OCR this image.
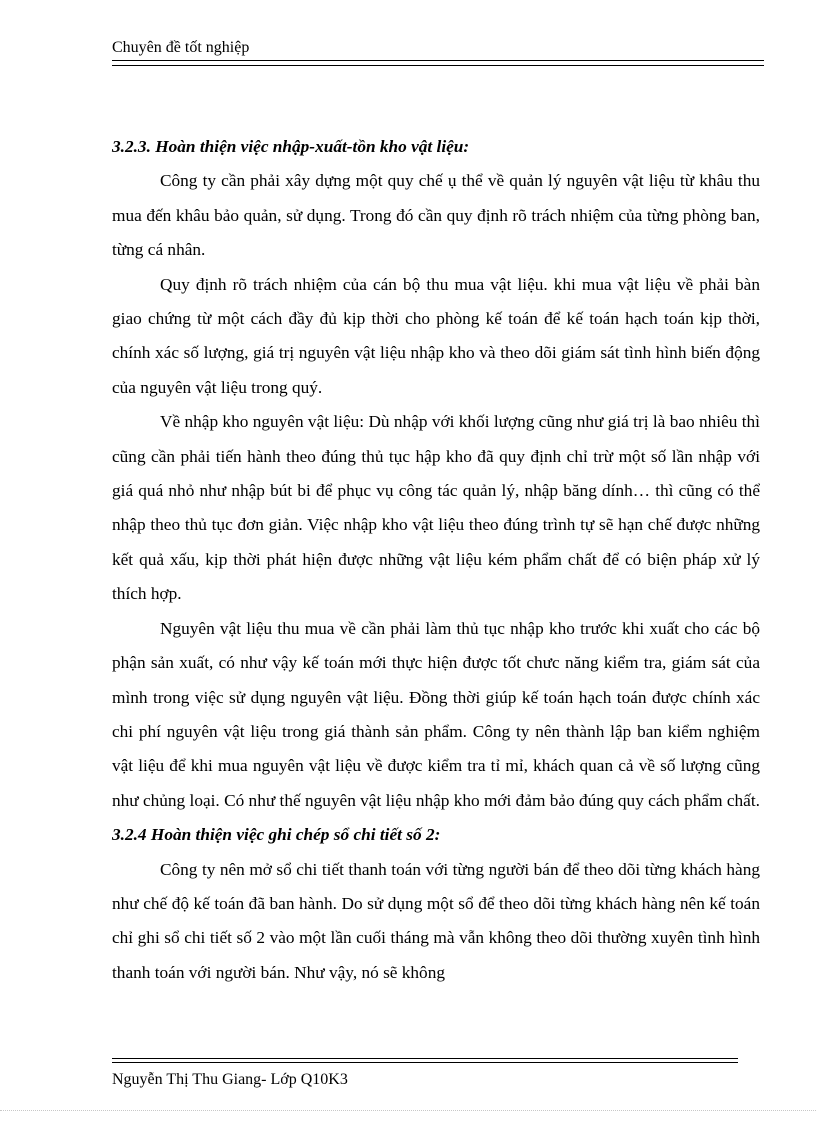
Chuyên đề tốt nghiệp
3.2.3. Hoàn thiện việc nhập-xuất-tồn kho vật liệu:

Công ty cần phải xây dựng một quy chế ụ thể về quản lý nguyên vật liệu từ khâu thu mua đến khâu bảo quản, sử dụng. Trong đó cần quy định rõ trách nhiệm của từng phòng ban, từng cá nhân.

Quy định rõ trách nhiệm của cán bộ thu mua vật liệu. khi mua vật liệu về phải bàn giao chứng từ một cách đầy đủ kịp thời cho phòng kế toán để kế toán hạch toán kịp thời, chính xác số lượng, giá trị nguyên vật liệu nhập kho và theo dõi giám sát tình hình biến động của nguyên vật liệu trong quý.

Về nhập kho nguyên vật liệu: Dù nhập với khối lượng cũng như giá trị là bao nhiêu thì cũng cần phải tiến hành theo đúng thủ tục hập kho đã quy định chỉ trừ một số lần nhập với giá quá nhỏ như nhập bút bi để phục vụ công tác quản lý, nhập băng dính… thì cũng có thể nhập theo thủ tục đơn giản. Việc nhập kho vật liệu theo đúng trình tự sẽ hạn chế được những kết quả xấu, kịp thời phát hiện được những vật liệu kém phẩm chất để có biện pháp xử lý thích hợp.

Nguyên vật liệu thu mua về cần phải làm thủ tục nhập kho trước khi xuất cho các bộ phận sản xuất, có như vậy kế toán mới thực hiện được tốt chưc năng kiểm tra, giám sát của mình trong việc sử dụng nguyên vật liệu. Đồng thời giúp kế toán hạch toán được chính xác chi phí nguyên vật liệu trong giá thành sản phẩm. Công ty nên thành lập ban kiểm nghiệm vật liệu để khi mua nguyên vật liệu về được kiểm tra tỉ mỉ, khách quan cả về số lượng cũng như chủng loại. Có như thế nguyên vật liệu nhập kho mới đảm bảo đúng quy cách phẩm chất.

3.2.4 Hoàn thiện việc ghi chép sổ chi tiết số 2:

Công ty nên mở sổ chi tiết thanh toán với từng người bán để theo dõi từng khách hàng như chế độ kế toán đã ban hành. Do sử dụng một sổ để theo dõi từng khách hàng nên kế toán chỉ ghi sổ chi tiết số 2 vào một lần cuối tháng mà vẫn không theo dõi thường xuyên tình hình thanh toán với người bán. Như vậy, nó sẽ không

Nguyễn Thị Thu Giang- Lớp Q10K3
